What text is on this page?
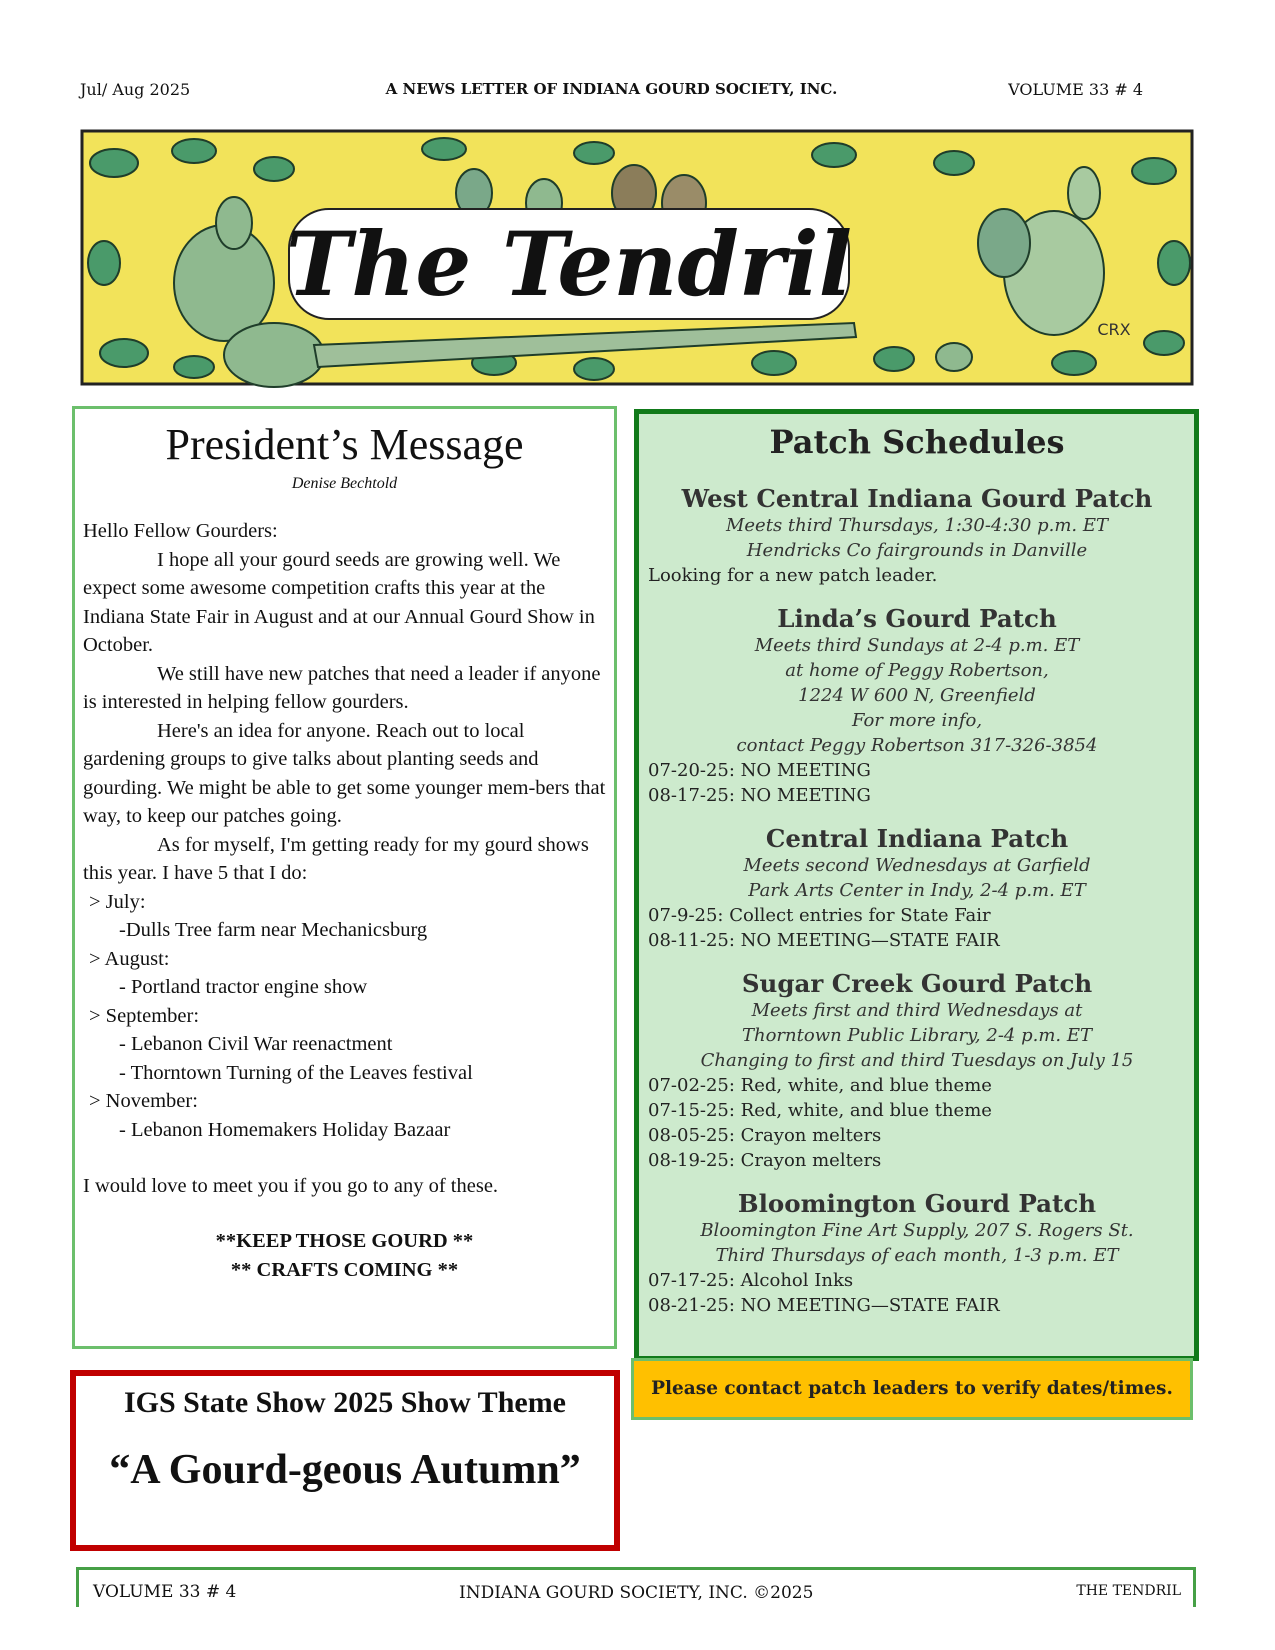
Jul/ Aug 2025	A NEWS LETTER OF INDIANA GOURD SOCIETY, INC.	VOLUME 33 # 4
The Tendril
CRX
President’s Message
Denise Bechtold

Hello Fellow Gourders:

I hope all your gourd seeds are growing well. We expect some awesome competition crafts this year at the Indiana State Fair in August and at our Annual Gourd Show in October.

We still have new patches that need a leader if anyone is interested in helping fellow gourders.

Here's an idea for anyone. Reach out to local gardening groups to give talks about planting seeds and gourding. We might be able to get some younger mem-bers that way, to keep our patches going.

As for myself, I'm getting ready for my gourd shows this year. I have 5 that I do:

> July:
-Dulls Tree farm near Mechanicsburg
> August:
- Portland tractor engine show
> September:
- Lebanon Civil War reenactment
- Thorntown Turning of the Leaves festival
> November:
- Lebanon Homemakers Holiday Bazaar

I would love to meet you if you go to any of these.

**KEEP THOSE GOURD **
** CRAFTS COMING **
IGS State Show 2025 Show Theme
“A Gourd-geous Autumn”
Patch Schedules
West Central Indiana Gourd Patch
Meets third Thursdays, 1:30-4:30 p.m. ET
Hendricks Co fairgrounds in Danville
Looking for a new patch leader.
Linda’s Gourd Patch
Meets third Sundays at 2-4 p.m. ET
at home of Peggy Robertson,
1224 W 600 N, Greenfield
For more info,
contact Peggy Robertson 317-326-3854
07-20-25: NO MEETING
08-17-25: NO MEETING
Central Indiana Patch
Meets second Wednesdays at Garfield
Park Arts Center in Indy, 2-4 p.m. ET
07-9-25: Collect entries for State Fair
08-11-25: NO MEETING—STATE FAIR
Sugar Creek Gourd Patch
Meets first and third Wednesdays at
Thorntown Public Library, 2-4 p.m. ET
Changing to first and third Tuesdays on July 15
07-02-25: Red, white, and blue theme
07-15-25: Red, white, and blue theme
08-05-25: Crayon melters
08-19-25: Crayon melters
Bloomington Gourd Patch
Bloomington Fine Art Supply, 207 S. Rogers St.
Third Thursdays of each month, 1-3 p.m. ET
07-17-25: Alcohol Inks
08-21-25: NO MEETING—STATE FAIR
Please contact patch leaders to verify dates/times.
VOLUME 33 # 4	INDIANA GOURD SOCIETY, INC. ©2025	THE TENDRIL
